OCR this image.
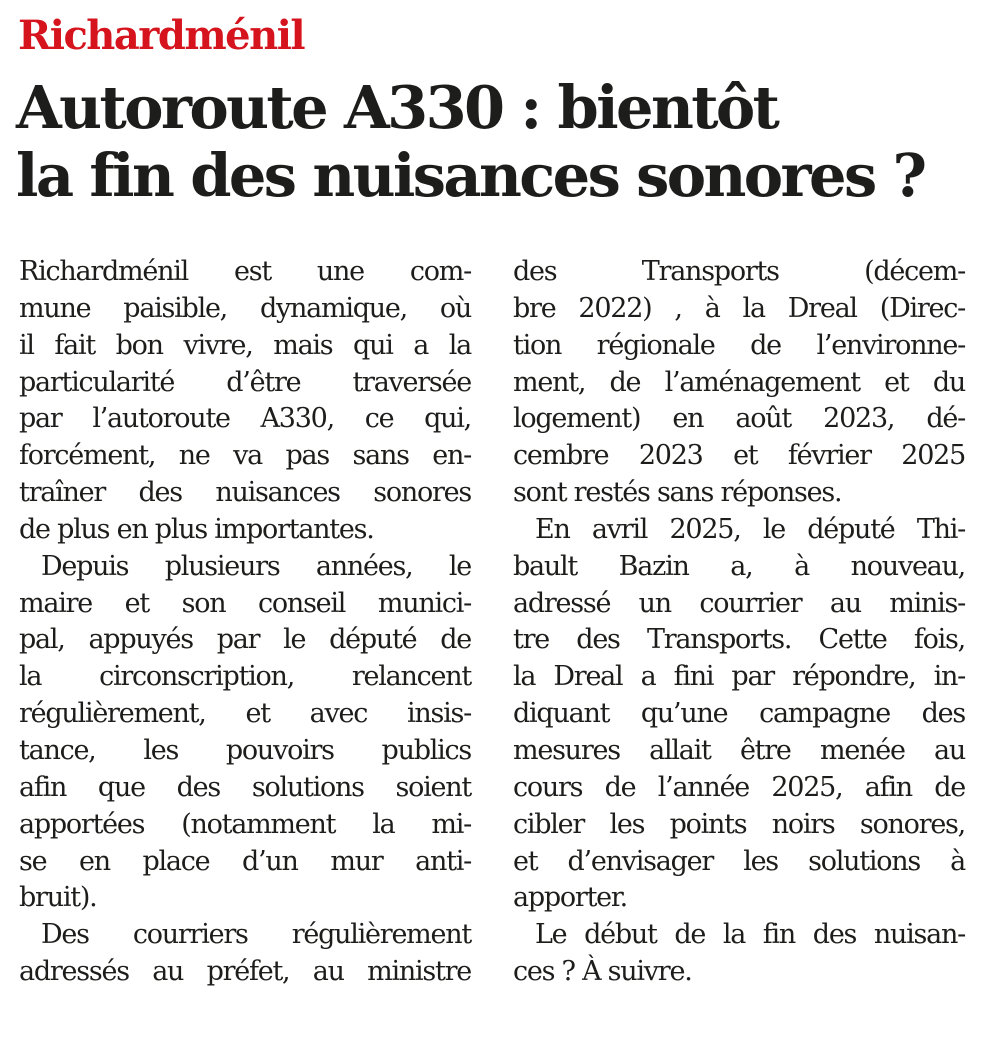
Richardménil
Autoroute A330 : bientôt
la fin des nuisances sonores ?
Richardménil est une com-
mune paisible, dynamique, où
il fait bon vivre, mais qui a la
particularité d’être traversée
par l’autoroute A330, ce qui,
forcément, ne va pas sans en-
traîner des nuisances sonores
de plus en plus importantes.
Depuis plusieurs années, le
maire et son conseil munici-
pal, appuyés par le député de
la circonscription, relancent
régulièrement, et avec insis-
tance, les pouvoirs publics
afin que des solutions soient
apportées (notamment la mi-
se en place d’un mur anti-
bruit).
Des courriers régulièrement
adressés au préfet, au ministre
des Transports (décem-
bre 2022) , à la Dreal (Direc-
tion régionale de l’environne-
ment, de l’aménagement et du
logement) en août 2023, dé-
cembre 2023 et février 2025
sont restés sans réponses.
En avril 2025, le député Thi-
bault Bazin a, à nouveau,
adressé un courrier au minis-
tre des Transports. Cette fois,
la Dreal a fini par répondre, in-
diquant qu’une campagne des
mesures allait être menée au
cours de l’année 2025, afin de
cibler les points noirs sonores,
et d’envisager les solutions à
apporter.
Le début de la fin des nuisan-
ces ? À suivre.
